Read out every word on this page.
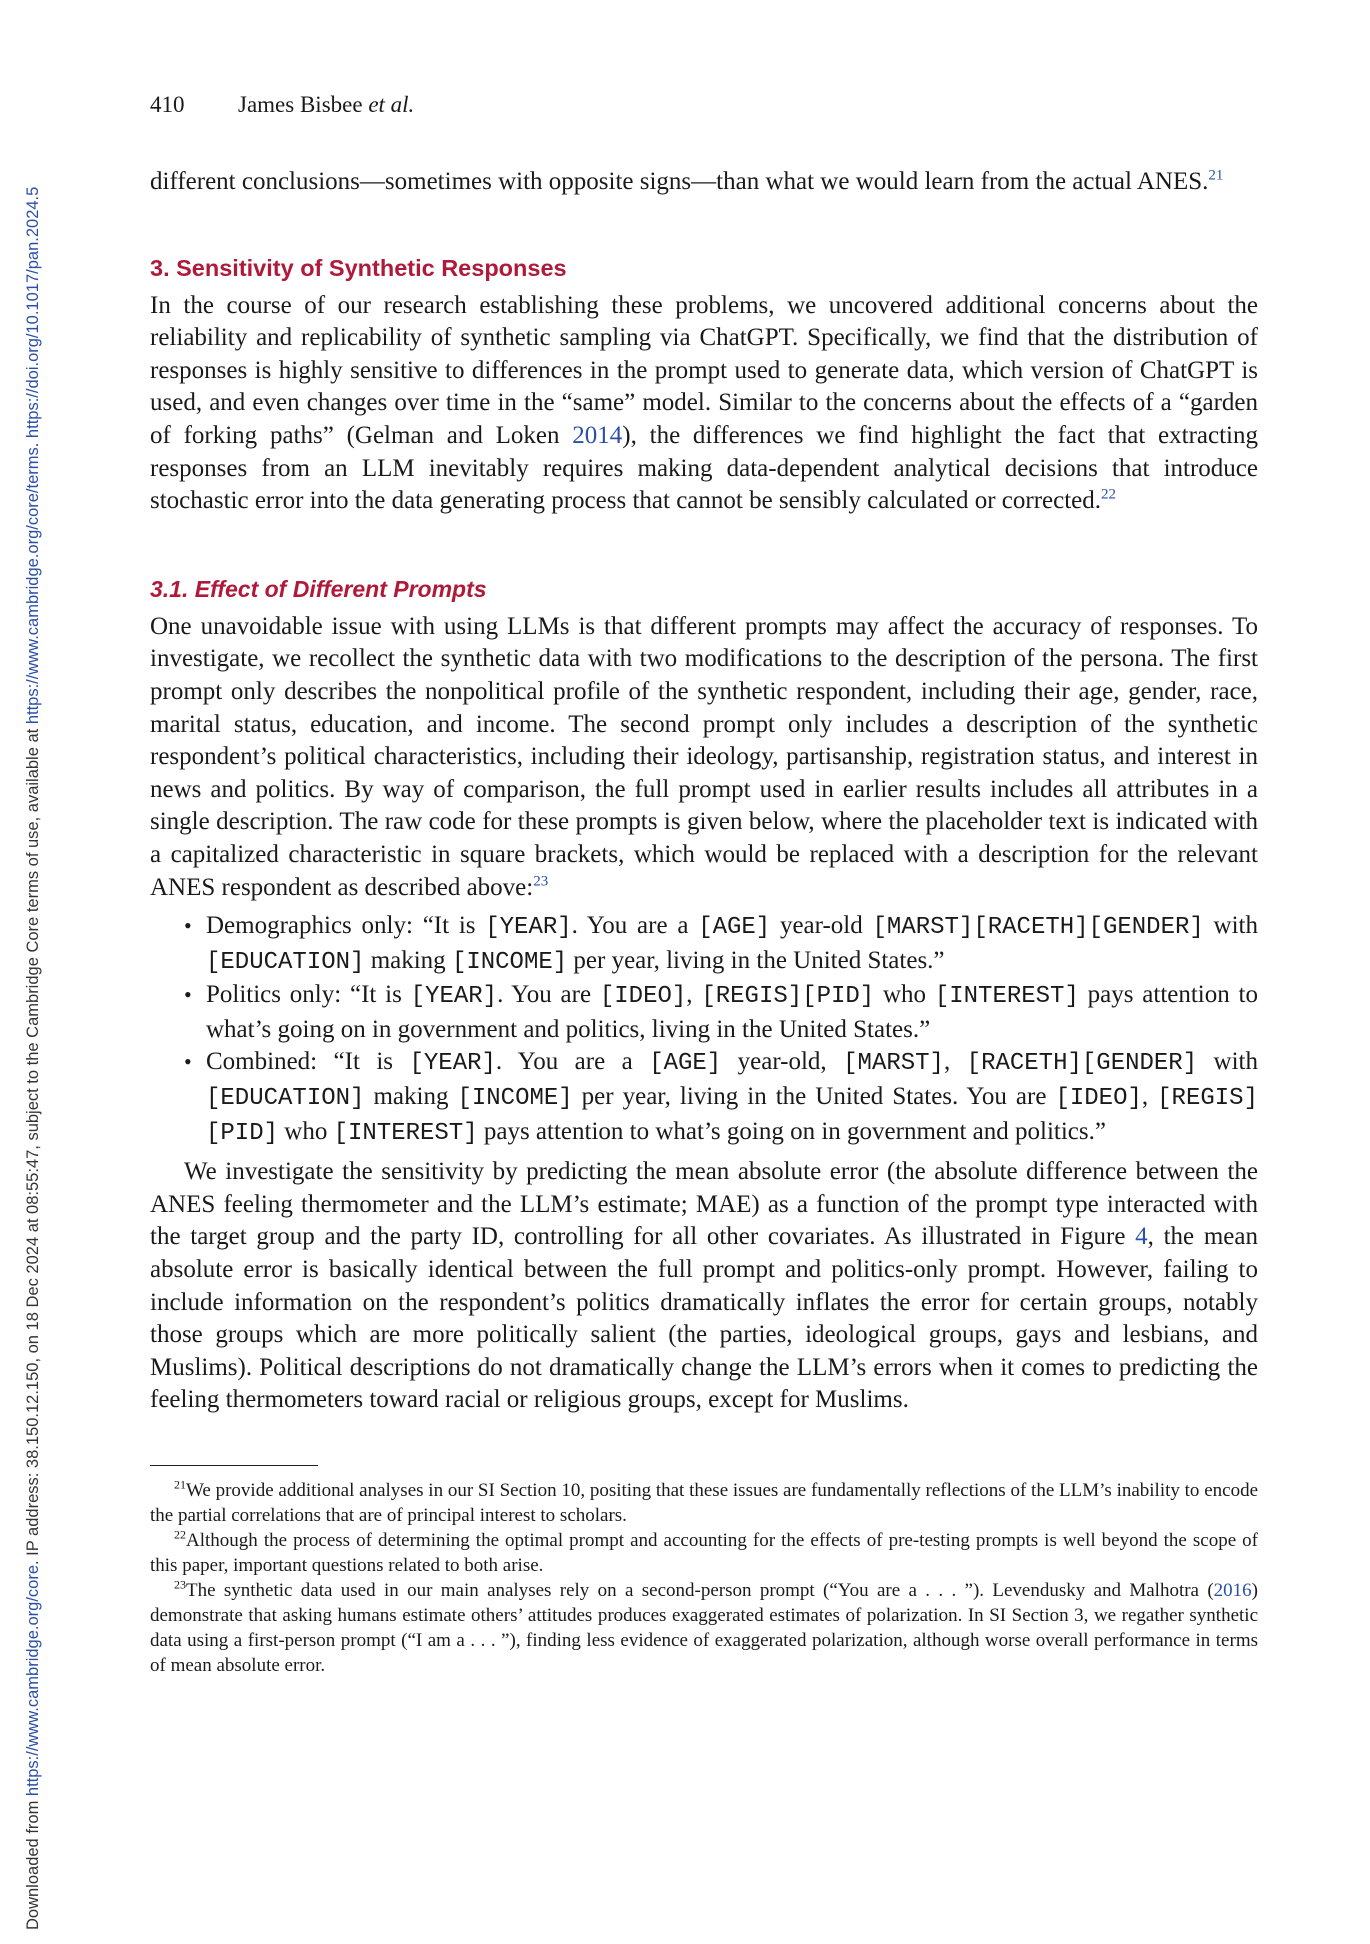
Downloaded from https://www.cambridge.org/core. IP address: 38.150.12.150, on 18 Dec 2024 at 08:55:47, subject to the Cambridge Core terms of use, available at https://www.cambridge.org/core/terms. https://doi.org/10.1017/pan.2024.5
410	James Bisbee et al.

different conclusions—sometimes with opposite signs—than what we would learn from the actual ANES.$^{21}$

3. Sensitivity of Synthetic Responses

In the course of our research establishing these problems, we uncovered additional concerns about the reliability and replicability of synthetic sampling via ChatGPT. Specifically, we find that the distribution of responses is highly sensitive to differences in the prompt used to generate data, which version of ChatGPT is used, and even changes over time in the “same” model. Similar to the concerns about the effects of a “garden of forking paths” (Gelman and Loken 2014), the differences we find highlight the fact that extracting responses from an LLM inevitably requires making data-dependent analytical decisions that introduce stochastic error into the data generating process that cannot be sensibly calculated or corrected.$^{22}$

3.1. Effect of Different Prompts

One unavoidable issue with using LLMs is that different prompts may affect the accuracy of responses. To investigate, we recollect the synthetic data with two modifications to the description of the persona. The first prompt only describes the nonpolitical profile of the synthetic respondent, including their age, gender, race, marital status, education, and income. The second prompt only includes a description of the synthetic respondent’s political characteristics, including their ideology, partisanship, registration status, and interest in news and politics. By way of comparison, the full prompt used in earlier results includes all attributes in a single description. The raw code for these prompts is given below, where the placeholder text is indicated with a capitalized characteristic in square brackets, which would be replaced with a description for the relevant ANES respondent as described above:$^{23}$

• Demographics only: “It is [YEAR]. You are a [AGE] year-old [MARST][RACETH][GENDER] with [EDUCATION] making [INCOME] per year, living in the United States.”
• Politics only: “It is [YEAR]. You are [IDEO], [REGIS][PID] who [INTEREST] pays attention to what’s going on in government and politics, living in the United States.”
• Combined: “It is [YEAR]. You are a [AGE] year-old, [MARST], [RACETH][GENDER] with [EDUCATION] making [INCOME] per year, living in the United States. You are [IDEO], [REGIS][PID] who [INTEREST] pays attention to what’s going on in government and politics.”

We investigate the sensitivity by predicting the mean absolute error (the absolute difference between the ANES feeling thermometer and the LLM’s estimate; MAE) as a function of the prompt type interacted with the target group and the party ID, controlling for all other covariates. As illustrated in Figure 4, the mean absolute error is basically identical between the full prompt and politics-only prompt. However, failing to include information on the respondent’s politics dramatically inflates the error for certain groups, notably those groups which are more politically salient (the parties, ideological groups, gays and lesbians, and Muslims). Political descriptions do not dramatically change the LLM’s errors when it comes to predicting the feeling thermometers toward racial or religious groups, except for Muslims.

$^{21}$We provide additional analyses in our SI Section 10, positing that these issues are fundamentally reflections of the LLM’s inability to encode the partial correlations that are of principal interest to scholars.

$^{22}$Although the process of determining the optimal prompt and accounting for the effects of pre-testing prompts is well beyond the scope of this paper, important questions related to both arise.

$^{23}$The synthetic data used in our main analyses rely on a second-person prompt (“You are a . . . ”). Levendusky and Malhotra (2016) demonstrate that asking humans estimate others’ attitudes produces exaggerated estimates of polarization. In SI Section 3, we regather synthetic data using a first-person prompt (“I am a . . . ”), finding less evidence of exaggerated polarization, although worse overall performance in terms of mean absolute error.
